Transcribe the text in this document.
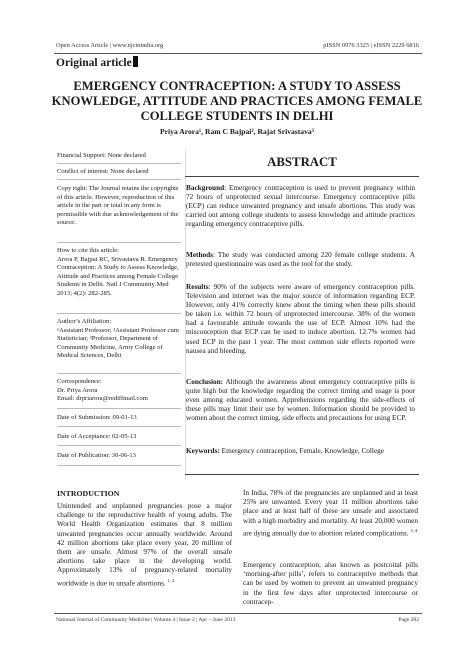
Open Access Article | www.njcmindia.org	pISSN 0976 3325 | eISSN 2229 6816
Original article
EMERGENCY CONTRACEPTION: A STUDY TO ASSESS KNOWLEDGE, ATTITUDE AND PRACTICES AMONG FEMALE COLLEGE STUDENTS IN DELHI
Priya Arora¹, Ram C Bajpai², Rajat Srivastava³
Financial Support: None declared
Conflict of interest: None declared
Copy right: The Journal retains the copyrights of this article. However, reproduction of this article in the part or total in any form is permissible with due acknowledgement of the source.
How to cite this article:
Arora P, Bajpai RC, Srivastava R. Emergency Contraception: A Study to Assess Knowledge, Attitude and Practices among Female College Students in Delhi. Natl J Community Med 2013; 4(2): 282-285.
Author’s Affiliation:
¹Assistant Professor; ²Assistant Professor cum Statistician; ³Professor, Department of Community Medicine, Army College of Medical Sciences, Delhi
Correspondence:
Dr. Priya Arora
Email: drpriarora@rediffmail.com
Date of Submission: 09-01-13
Date of Acceptance: 02-05-13
Date of Publication: 30-06-13
ABSTRACT
Background: Emergency contraception is used to prevent pregnancy within 72 hours of unprotected sexual intercourse. Emergency contraceptive pills (ECP) can reduce unwanted pregnancy and unsafe abortions. This study was carried out among college students to assess knowledge and attitude practices regarding emergency contraceptive pills.
Methods: The study was conducted among 220 female college students. A pretested questionnaire was used as the tool for the study.
Results: 90% of the subjects were aware of emergency contraception pills. Television and internet was the major source of information regarding ECP. However, only 41% correctly knew about the timing when these pills should be taken i.e. within 72 hours of unprotected intercourse. 38% of the women had a favourable attitude towards the use of ECP. Almost 10% had the misconception that ECP can be used to induce abortion. 12.7% women had used ECP in the past 1 year. The most common side effects reported were nausea and bleeding.
Conclusion: Although the awareness about emergency contraceptive pills is quite high but the knowledge regarding the correct timing and usage is poor even among educated women. Apprehensions regarding the side-effects of these pills may limit their use by women. Information should be provided to women about the correct timing, side effects and precautions for using ECP.
Keywords: Emergency contraception, Female, Knowledge, College
INTRODUCTION
Unintended and unplanned pregnancies pose a major challenge to the reproductive health of young adults. The World Health Organization estimates that 8 million unwanted pregnancies occur annually worldwide. Around 42 million abortions take place every year, 20 million of them are unsafe. Almost 97% of the overall unsafe abortions take place in the developing world. Approximately 13% of pregnancy-related mortality worldwide is due to unsafe abortions. $^{1, 2}$
In India, 78% of the pregnancies are unplanned and at least 25% are unwanted. Every year 11 million abortions take place and at least half of these are unsafe and associated with a high morbidity and mortality. At least 20,000 women are dying annually due to abortion related complications. $^{3, 4}$
Emergency contraception, also known as postcoital pills ‘morning-after pills’, refers to contraceptive methods that can be used by women to prevent an unwanted pregnancy in the first few days after unprotected intercourse or contracep-
National Journal of Community Medicine | Volume 4 | Issue 2 | Apr – June 2013	Page 282
